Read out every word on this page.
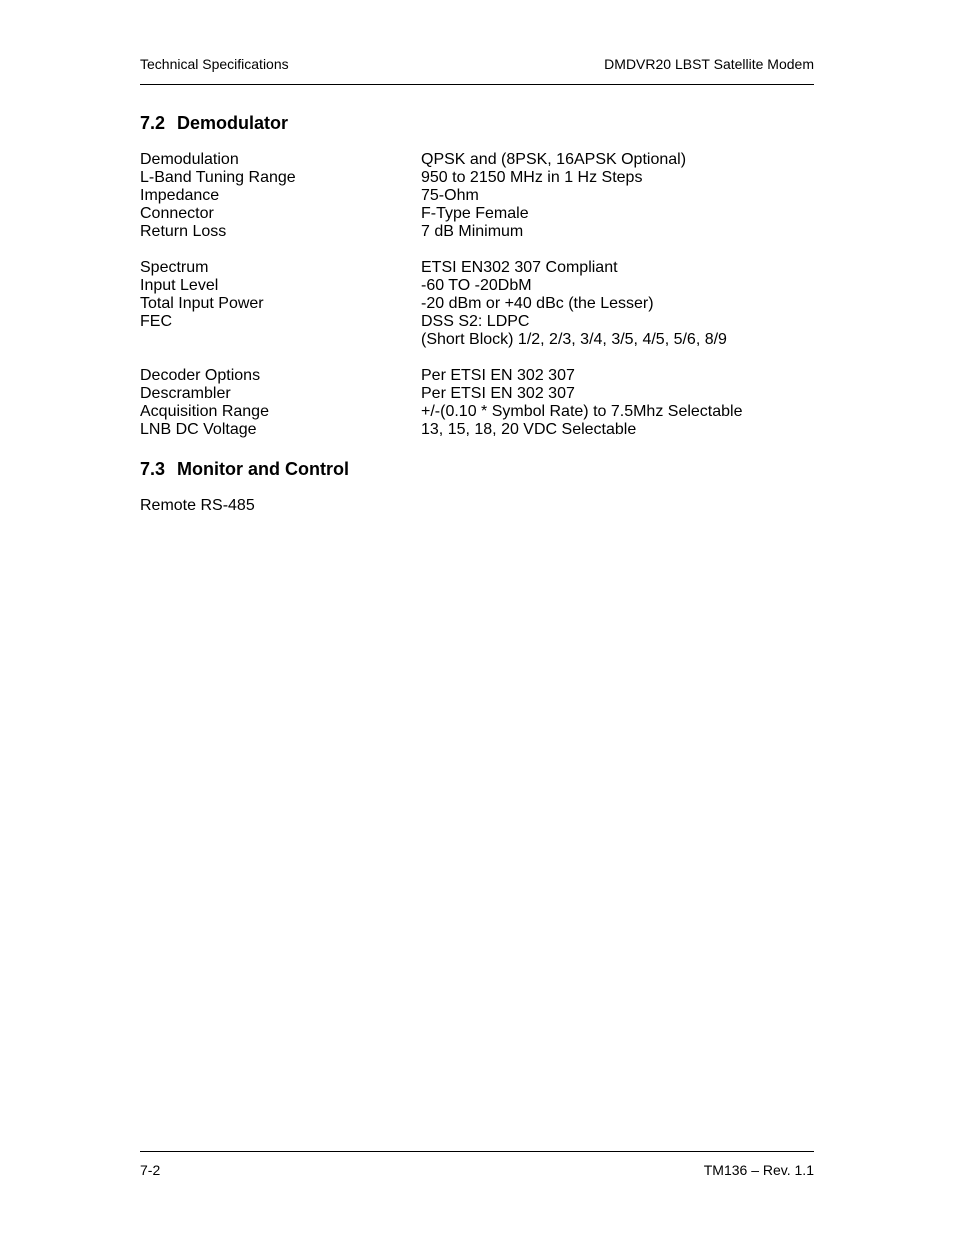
Technical Specifications	DMDVR20 LBST Satellite Modem
7.2 Demodulator
Demodulation	QPSK and (8PSK, 16APSK Optional)
L-Band Tuning Range	950 to 2150 MHz in 1 Hz Steps
Impedance	75-Ohm
Connector	F-Type Female
Return Loss	7 dB Minimum
Spectrum	ETSI EN302 307 Compliant
Input Level	-60 TO -20DbM
Total Input Power	-20 dBm or +40 dBc (the Lesser)
FEC	DSS S2: LDPC
(Short Block) 1/2, 2/3, 3/4, 3/5, 4/5, 5/6, 8/9
Decoder Options	Per ETSI EN 302 307
Descrambler	Per ETSI EN 302 307
Acquisition Range	+/-(0.10 * Symbol Rate) to 7.5Mhz Selectable
LNB DC Voltage	13, 15, 18, 20 VDC Selectable
7.3 Monitor and Control

Remote RS-485

7-2	TM136 – Rev. 1.1
